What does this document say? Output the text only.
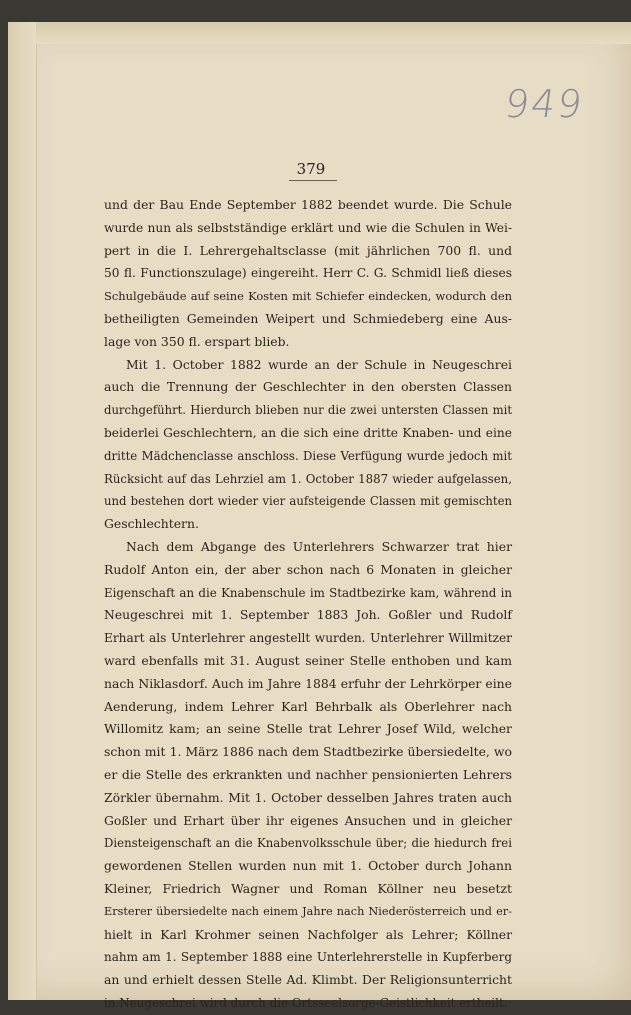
949
379
und der Bau Ende September 1882 beendet wurde. Die Schule
wurde nun als selbstständige erklärt und wie die Schulen in Wei-
pert in die I. Lehrergehaltsclasse (mit jährlichen 700 fl. und
50 fl. Functionszulage) eingereiht. Herr C. G. Schmidl ließ dieses
Schulgebäude auf seine Kosten mit Schiefer eindecken, wodurch den
betheiligten Gemeinden Weipert und Schmiedeberg eine Aus-
lage von 350 fl. erspart blieb.
Mit 1. October 1882 wurde an der Schule in Neugeschrei
auch die Trennung der Geschlechter in den obersten Classen
durchgeführt. Hierdurch blieben nur die zwei untersten Classen mit
beiderlei Geschlechtern, an die sich eine dritte Knaben- und eine
dritte Mädchenclasse anschloss. Diese Verfügung wurde jedoch mit
Rücksicht auf das Lehrziel am 1. October 1887 wieder aufgelassen,
und bestehen dort wieder vier aufsteigende Classen mit gemischten
Geschlechtern.
Nach dem Abgange des Unterlehrers Schwarzer trat hier
Rudolf Anton ein, der aber schon nach 6 Monaten in gleicher
Eigenschaft an die Knabenschule im Stadtbezirke kam, während in
Neugeschrei mit 1. September 1883 Joh. Goßler und Rudolf
Erhart als Unterlehrer angestellt wurden. Unterlehrer Willmitzer
ward ebenfalls mit 31. August seiner Stelle enthoben und kam
nach Niklasdorf. Auch im Jahre 1884 erfuhr der Lehrkörper eine
Aenderung, indem Lehrer Karl Behrbalk als Oberlehrer nach
Willomitz kam; an seine Stelle trat Lehrer Josef Wild, welcher
schon mit 1. März 1886 nach dem Stadtbezirke übersiedelte, wo
er die Stelle des erkrankten und nachher pensionierten Lehrers
Zörkler übernahm. Mit 1. October desselben Jahres traten auch
Goßler und Erhart über ihr eigenes Ansuchen und in gleicher
Diensteigenschaft an die Knabenvolksschule über; die hiedurch frei
gewordenen Stellen wurden nun mit 1. October durch Johann
Kleiner, Friedrich Wagner und Roman Köllner neu besetzt
Ersterer übersiedelte nach einem Jahre nach Niederösterreich und er-
hielt in Karl Krohmer seinen Nachfolger als Lehrer; Köllner
nahm am 1. September 1888 eine Unterlehrerstelle in Kupferberg
an und erhielt dessen Stelle Ad. Klimbt. Der Religionsunterricht
in Neugeschrei wird durch die Ortsseelsorge-Geistlichkeit ertheilt.
